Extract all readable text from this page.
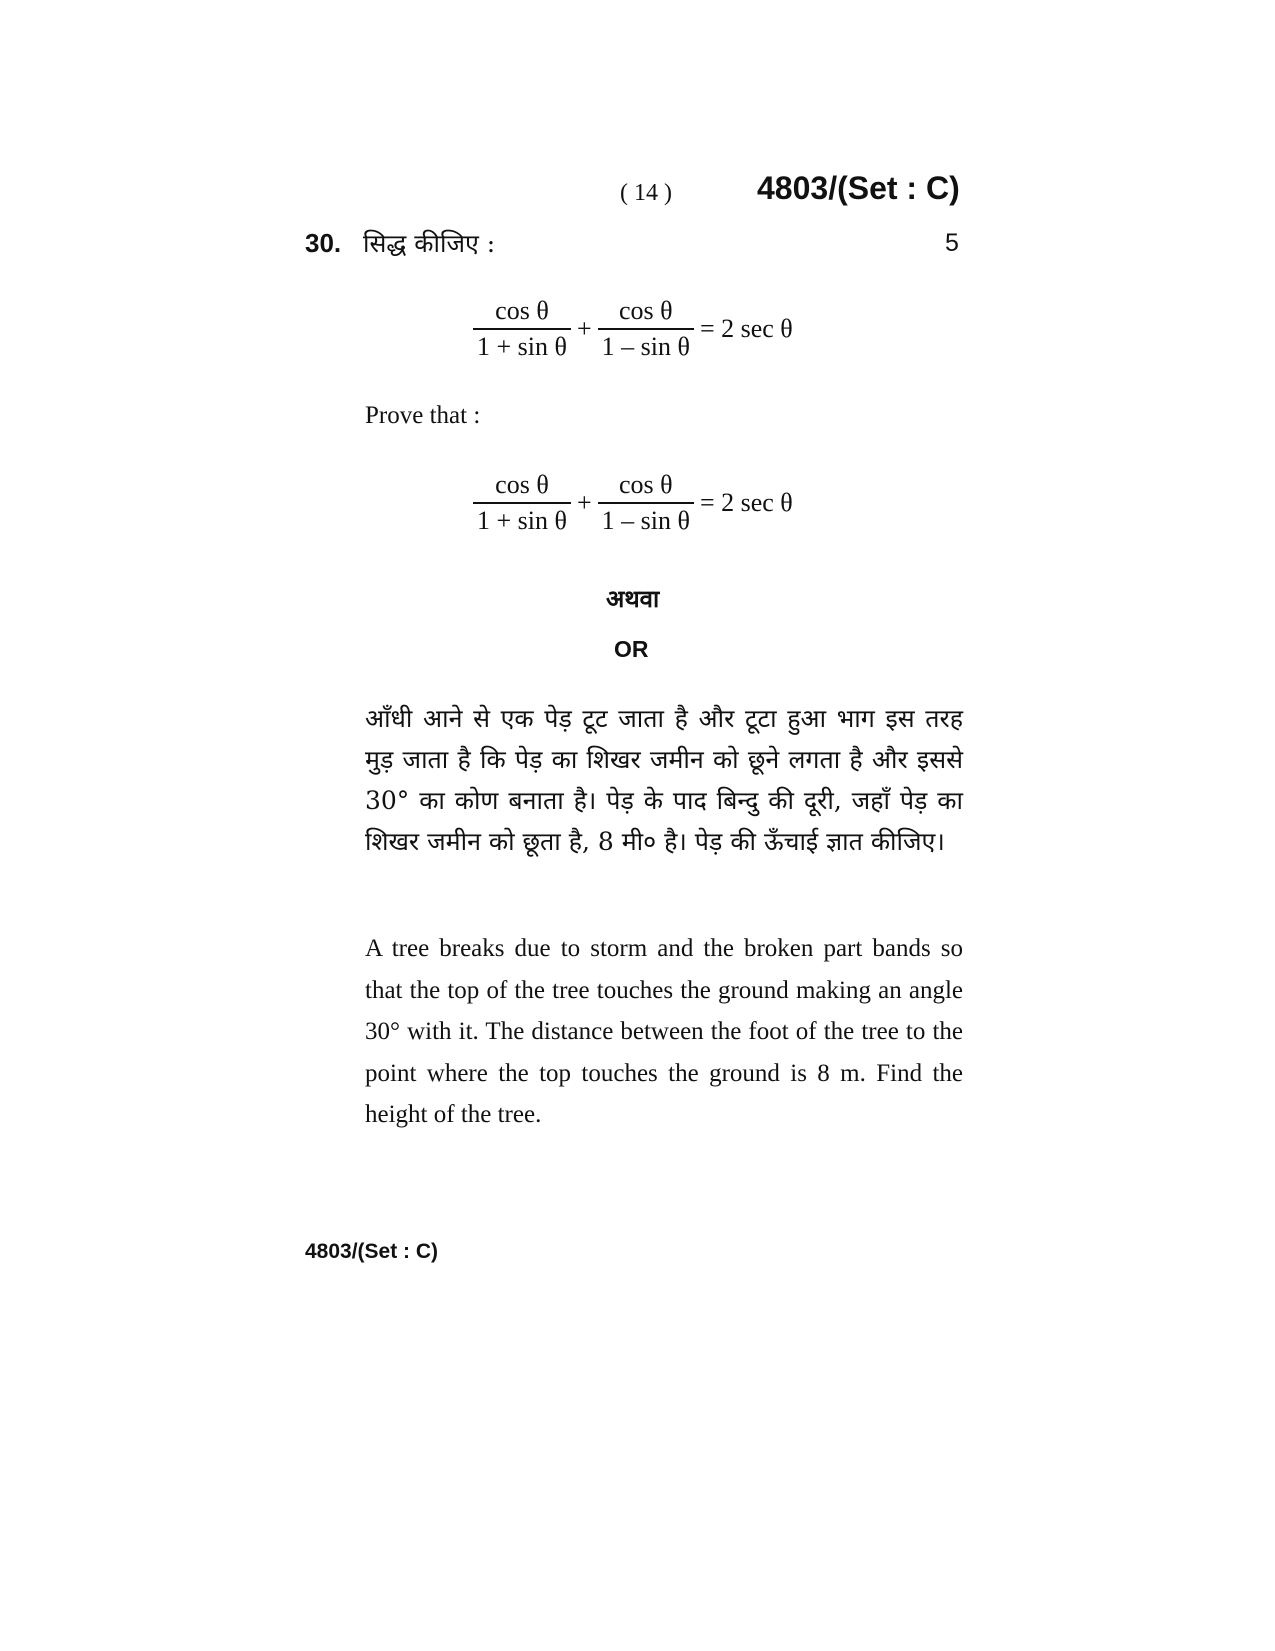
( 14 )	4803/(Set : C)
30. सिद्ध कीजिए :	5
$\frac{\text{cos θ}}{\text{1 + sin θ}} + \frac{\text{cos θ}}{\text{1 – sin θ}} = 2$ sec θ
Prove that :
$\frac{\text{cos θ}}{\text{1 + sin θ}} + \frac{\text{cos θ}}{\text{1 – sin θ}} = 2$ sec θ
अथवा
OR
आँधी आने से एक पेड़ टूट जाता है और टूटा हुआ भाग इस तरह मुड़ जाता है कि पेड़ का शिखर जमीन को छूने लगता है और इससे 30° का कोण बनाता है। पेड़ के पाद बिन्दु की दूरी, जहाँ पेड़ का शिखर जमीन को छूता है, 8 मी० है। पेड़ की ऊँचाई ज्ञात कीजिए।
A tree breaks due to storm and the broken part bands so that the top of the tree touches the ground making an angle 30° with it. The distance between the foot of the tree to the point where the top touches the ground is 8 m. Find the height of the tree.
4803/(Set : C)
